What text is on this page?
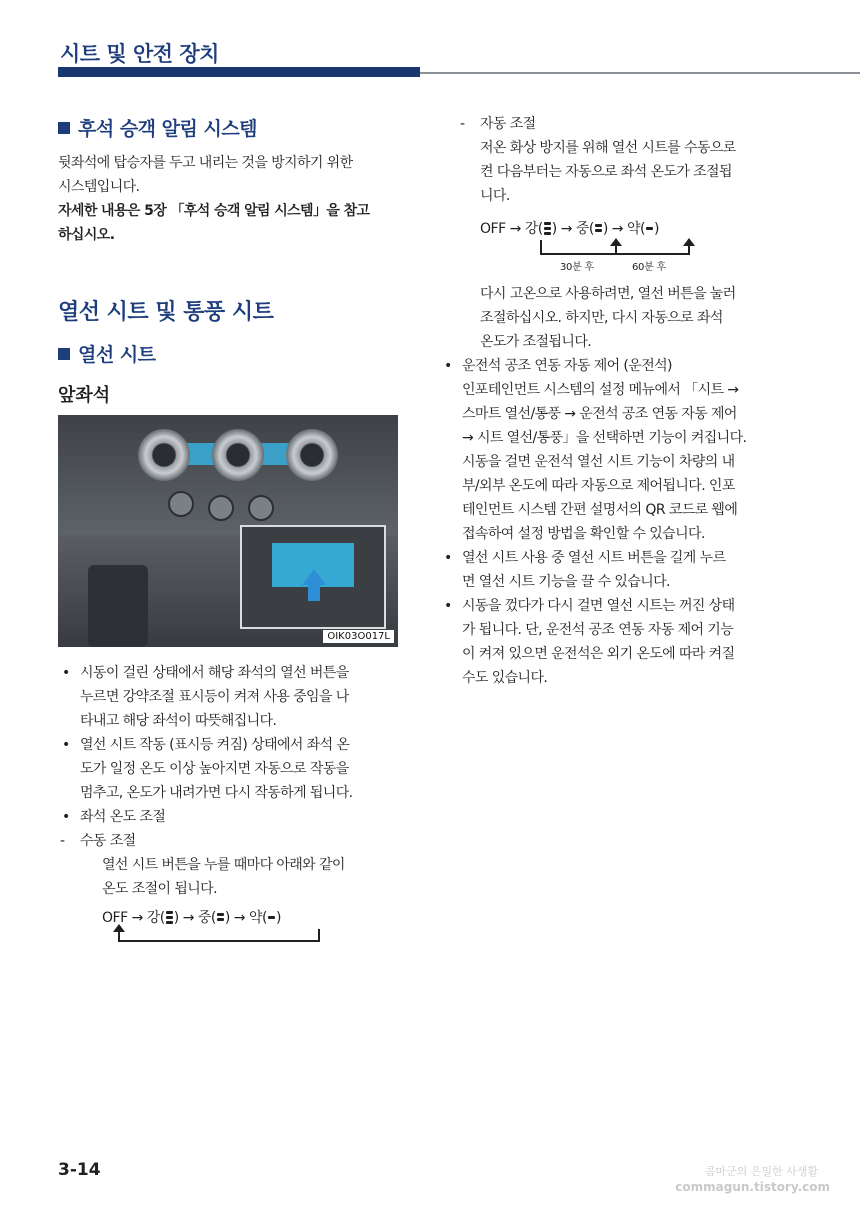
시트 및 안전 장치
후석 승객 알림 시스템
뒷좌석에 탑승자를 두고 내리는 것을 방지하기 위한
시스템입니다.
자세한 내용은 5장 「후석 승객 알림 시스템」을 참고
하십시오.
열선 시트 및 통풍 시트
열선 시트
앞좌석
OIK03O017L
• 시동이 걸린 상태에서 해당 좌석의 열선 버튼을
누르면 강약조절 표시등이 켜져 사용 중임을 나
타내고 해당 좌석이 따뜻해집니다.
• 열선 시트 작동 (표시등 켜짐) 상태에서 좌석 온
도가 일정 온도 이상 높아지면 자동으로 작동을
멈추고, 온도가 내려가면 다시 작동하게 됩니다.
• 좌석 온도 조절
- 수동 조절
열선 시트 버튼을 누를 때마다 아래와 같이
온도 조절이 됩니다.
OFF → 강( ) → 중( ) → 약( )
- 자동 조절
저온 화상 방지를 위해 열선 시트를 수동으로
켠 다음부터는 자동으로 좌석 온도가 조절됩
니다.
OFF → 강( ) → 중( ) → 약( )
30분 후	60분 후
다시 고온으로 사용하려면, 열선 버튼을 눌러
조절하십시오. 하지만, 다시 자동으로 좌석
온도가 조절됩니다.
• 운전석 공조 연동 자동 제어 (운전석)
인포테인먼트 시스템의 설정 메뉴에서 「시트 →
스마트 열선/통풍 → 운전석 공조 연동 자동 제어
→ 시트 열선/통풍」을 선택하면 기능이 켜집니다.
시동을 걸면 운전석 열선 시트 기능이 차량의 내
부/외부 온도에 따라 자동으로 제어됩니다. 인포
테인먼트 시스템 간편 설명서의 QR 코드로 웹에
접속하여 설정 방법을 확인할 수 있습니다.
• 열선 시트 사용 중 열선 시트 버튼을 길게 누르
면 열선 시트 기능을 끌 수 있습니다.
• 시동을 껐다가 다시 걸면 열선 시트는 꺼진 상태
가 됩니다. 단, 운전석 공조 연동 자동 제어 기능
이 켜져 있으면 운전석은 외기 온도에 따라 켜질
수도 있습니다.
3-14	콤마군의 은밀한 사생활
commagun.tistory.com
